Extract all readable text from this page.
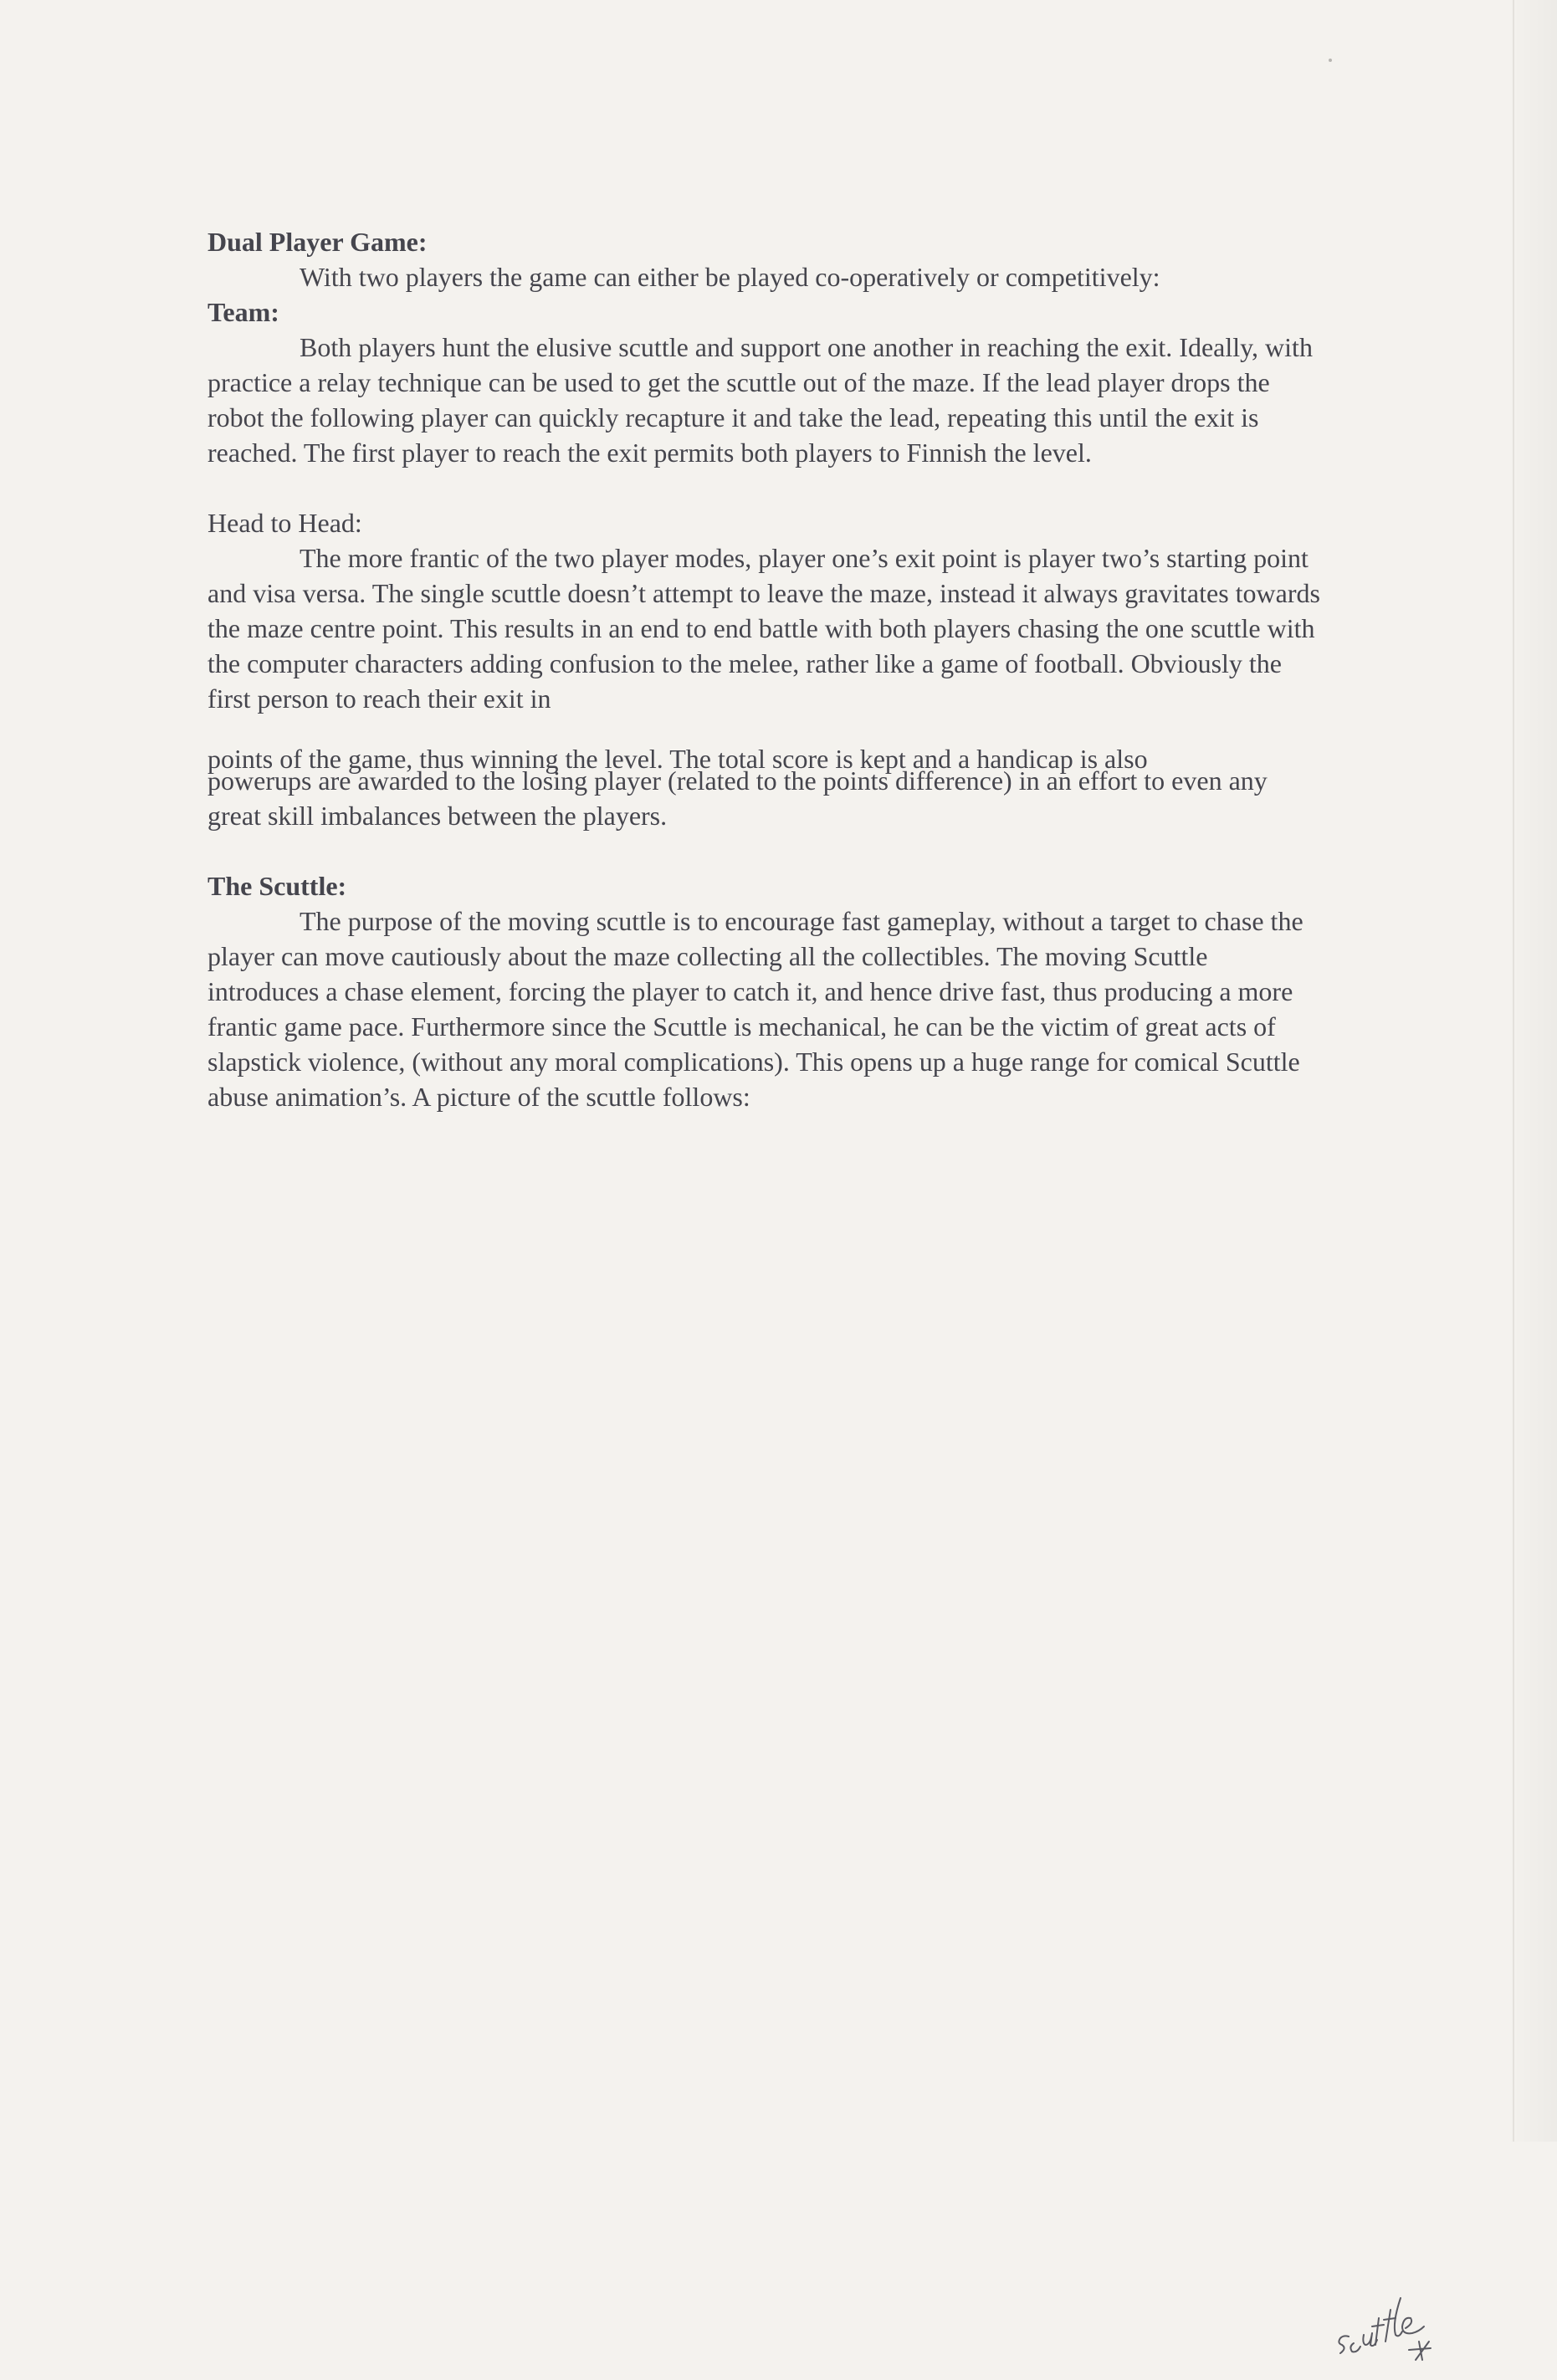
Dual Player Game:

With two players the game can either be played co-operatively or competitively:

Team:

Both players hunt the elusive scuttle and support one another in reaching the exit. Ideally, with practice a relay technique can be used to get the scuttle out of the maze. If the lead player drops the robot the following player can quickly recapture it and take the lead, repeating this until the exit is reached. The first player to reach the exit permits both players to Finnish the level.

Head to Head:

The more frantic of the two player modes, player one’s exit point is player two’s starting point and visa versa. The single scuttle doesn’t attempt to leave the maze, instead it always gravitates towards the maze centre point. This results in an end to end battle with both players chasing the one scuttle with the computer characters adding confusion to the melee, rather like a game of football. Obviously the first person to reach their exit in

points of the game, thus winning the level. The total score is kept and a handicap is also

powerups are awarded to the losing player (related to the points difference) in an effort to even any great skill imbalances between the players.

The Scuttle:

The purpose of the moving scuttle is to encourage fast gameplay, without a target to chase the player can move cautiously about the maze collecting all the collectibles. The moving Scuttle introduces a chase element, forcing the player to catch it, and hence drive fast, thus producing a more frantic game pace. Furthermore since the Scuttle is mechanical, he can be the victim of great acts of slapstick violence, (without any moral complications). This opens up a huge range for comical Scuttle abuse animation’s. A picture of the scuttle follows:
